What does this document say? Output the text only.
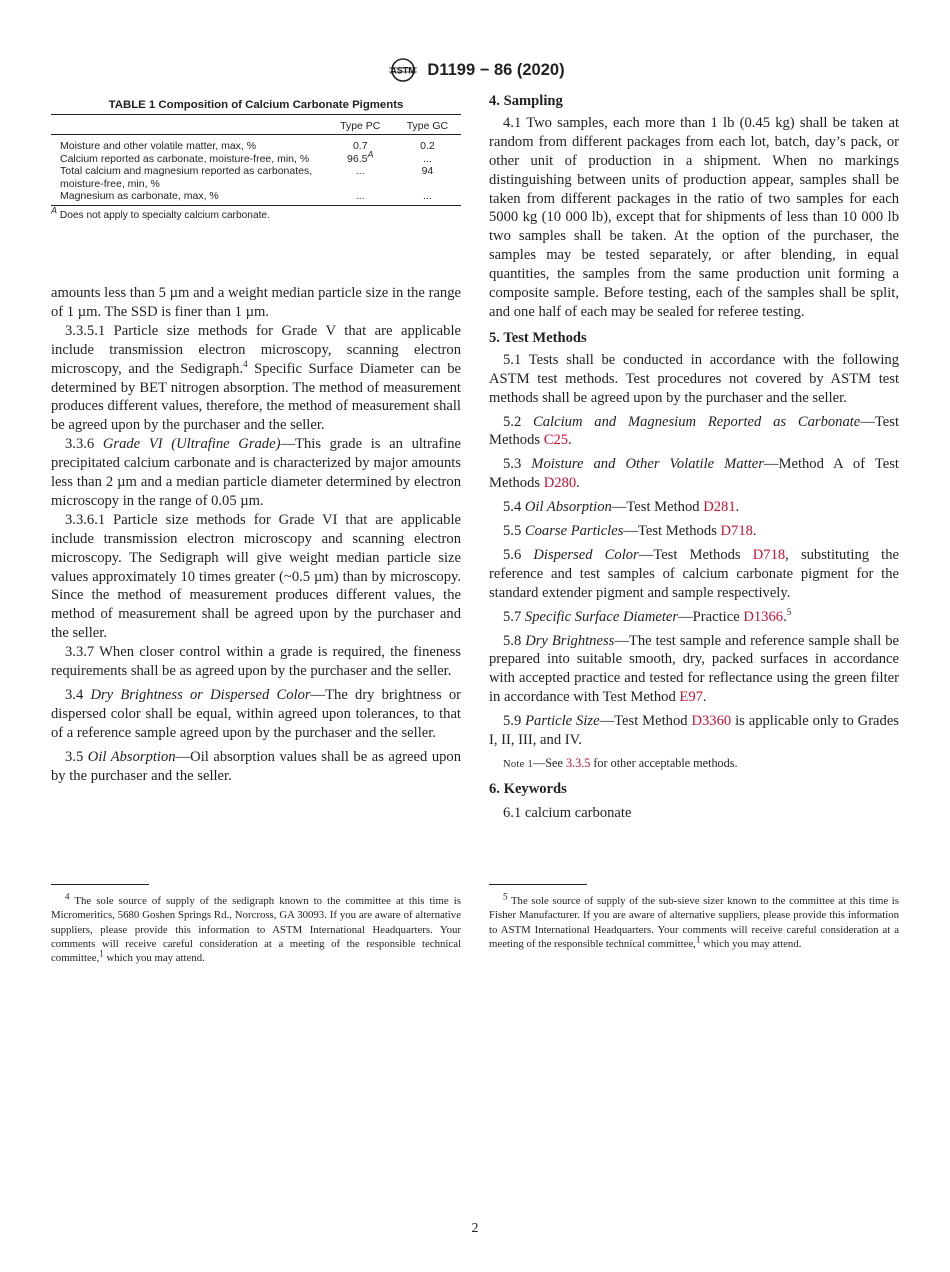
ASTM D1199 − 86 (2020)
TABLE 1 Composition of Calcium Carbonate Pigments
	Type PC	Type GC
Moisture and other volatile matter, max, %	0.7	0.2
Calcium reported as carbonate, moisture-free, min, %	96.5A	...
Total calcium and magnesium reported as carbonates, moisture-free, min, %	...	94
Magnesium as carbonate, max, %	...	...
A Does not apply to specialty calcium carbonate.

amounts less than 5 µm and a weight median particle size in the range of 1 µm. The SSD is finer than 1 µm.

3.3.5.1 Particle size methods for Grade V that are applicable include transmission electron microscopy, scanning electron microscopy, and the Sedigraph.$^4$ Specific Surface Diameter can be determined by BET nitrogen absorption. The method of measurement produces different values, therefore, the method of measurement shall be agreed upon by the purchaser and the seller.

3.3.6 Grade VI (Ultrafine Grade)—This grade is an ultrafine precipitated calcium carbonate and is characterized by major amounts less than 2 µm and a median particle diameter determined by electron microscopy in the range of 0.05 µm.

3.3.6.1 Particle size methods for Grade VI that are applicable include transmission electron microscopy and scanning electron microscopy. The Sedigraph will give weight median particle size values approximately 10 times greater (~0.5 µm) than by microscopy. Since the method of measurement produces different values, the method of measurement shall be agreed upon by the purchaser and the seller.

3.3.7 When closer control within a grade is required, the fineness requirements shall be as agreed upon by the purchaser and the seller.

3.4 Dry Brightness or Dispersed Color—The dry brightness or dispersed color shall be equal, within agreed upon tolerances, to that of a reference sample agreed upon by the purchaser and the seller.

3.5 Oil Absorption—Oil absorption values shall be as agreed upon by the purchaser and the seller.

4. Sampling

4.1 Two samples, each more than 1 lb (0.45 kg) shall be taken at random from different packages from each lot, batch, day’s pack, or other unit of production in a shipment. When no markings distinguishing between units of production appear, samples shall be taken from different packages in the ratio of two samples for each 5000 kg (10 000 lb), except that for shipments of less than 10 000 lb two samples shall be taken. At the option of the purchaser, the samples may be tested separately, or after blending, in equal quantities, the samples from the same production unit forming a composite sample. Before testing, each of the samples shall be split, and one half of each may be sealed for referee testing.

5. Test Methods

5.1 Tests shall be conducted in accordance with the following ASTM test methods. Test procedures not covered by ASTM test methods shall be agreed upon by the purchaser and the seller.

5.2 Calcium and Magnesium Reported as Carbonate—Test Methods C25.

5.3 Moisture and Other Volatile Matter—Method A of Test Methods D280.

5.4 Oil Absorption—Test Method D281.

5.5 Coarse Particles—Test Methods D718.

5.6 Dispersed Color—Test Methods D718, substituting the reference and test samples of calcium carbonate pigment for the standard extender pigment and sample respectively.

5.7 Specific Surface Diameter—Practice D1366.$^5$

5.8 Dry Brightness—The test sample and reference sample shall be prepared into suitable smooth, dry, packed surfaces in accordance with accepted practice and tested for reflectance using the green filter in accordance with Test Method E97.

5.9 Particle Size—Test Method D3360 is applicable only to Grades I, II, III, and IV.

Note 1—See 3.3.5 for other acceptable methods.

6. Keywords

6.1 calcium carbonate

$^4$ The sole source of supply of the sedigraph known to the committee at this time is Micromeritics, 5680 Goshen Springs Rd., Norcross, GA 30093. If you are aware of alternative suppliers, please provide this information to ASTM International Headquarters. Your comments will receive careful consideration at a meeting of the responsible technical committee,$^1$ which you may attend.

$^5$ The sole source of supply of the sub-sieve sizer known to the committee at this time is Fisher Manufacturer. If you are aware of alternative suppliers, please provide this information to ASTM International Headquarters. Your comments will receive careful consideration at a meeting of the responsible technical committee,$^1$ which you may attend.

2
